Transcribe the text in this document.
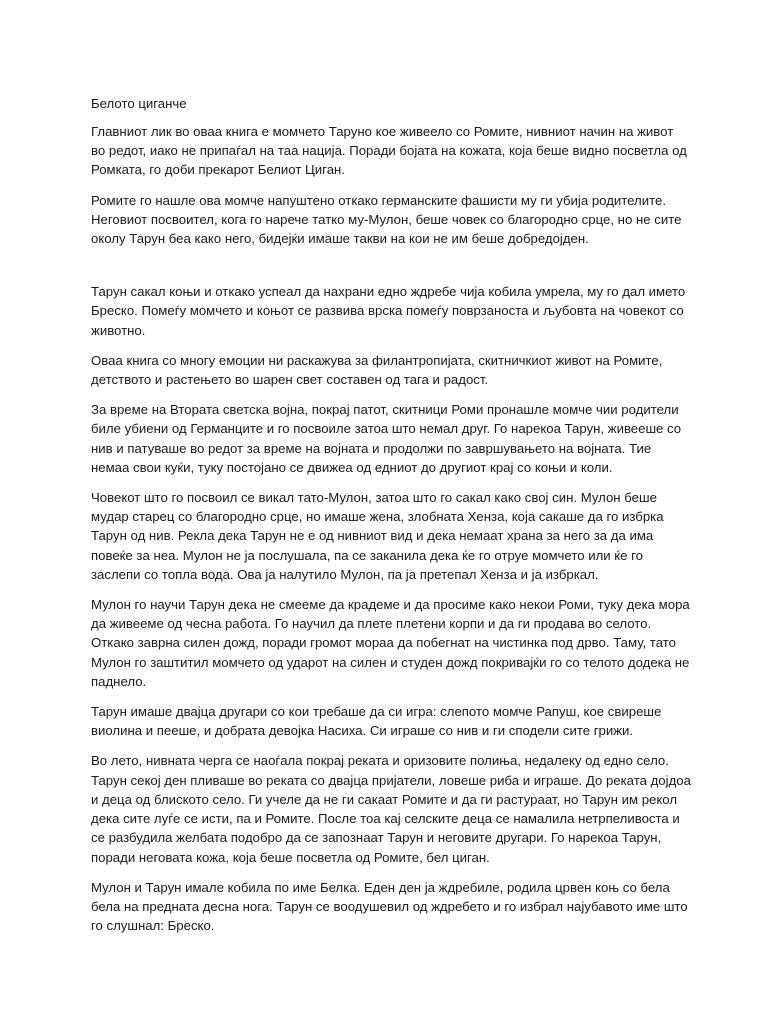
Белото циганче

Главниот лик во оваа книга е момчето Таруно кое живеело со Ромите, нивниот начин на живот во редот, иако не припаѓал на таа нација. Поради бојата на кожата, која беше видно посветла од Ромката, го доби прекарот Белиот Циган.

Ромите го нашле ова момче напуштено откако германските фашисти му ги убија родителите. Неговиот посвоител, кога го нарече татко му-Мулон, беше човек со благородно срце, но не сите околу Тарун беа како него, бидејќи имаше такви на кои не им беше добредојден.

Тарун сакал коњи и откако успеал да нахрани едно ждребе чија кобила умрела, му го дал името Бреско. Помеѓу момчето и коњот се развива врска помеѓу поврзаноста и љубовта на човекот со животно.

Оваа книга со многу емоции ни раскажува за филантропијата, скитничкиот живот на Ромите, детството и растењето во шарен свет составен од тага и радост.

За време на Втората светска војна, покрај патот, скитници Роми пронашле момче чии родители биле убиени од Германците и го посвоиле затоа што немал друг. Го нарекоа Тарун, живееше со нив и патуваше во редот за време на војната и продолжи по завршувањето на војната. Тие немаа свои куќи, туку постојано се движеа од едниот до другиот крај со коњи и коли.

Човекот што го посвоил се викал тато-Мулон, затоа што го сакал како свој син. Мулон беше мудар старец со благородно срце, но имаше жена, злобната Хенза, која сакаше да го избрка Тарун од нив. Рекла дека Тарун не е од нивниот вид и дека немаат храна за него за да има повеќе за неа. Мулон не ја послушала, па се заканила дека ќе го отруе момчето или ќе го заслепи со топла вода. Ова ја налутило Мулон, па ја претепал Хенза и ја избркал.

Мулон го научи Тарун дека не смееме да крадеме и да просиме како некои Роми, туку дека мора да живееме од чесна работа. Го научил да плете плетени корпи и да ги продава во селото. Откако заврна силен дожд, поради громот мораа да побегнат на чистинка под дрво. Таму, тато Мулон го заштитил момчето од ударот на силен и студен дожд покривајќи го со телото додека не паднело.

Тарун имаше двајца другари со кои требаше да си игра: слепото момче Рапуш, кое свиреше виолина и пееше, и добрата девојка Насиха. Си играше со нив и ги сподели сите грижи.

Во лето, нивната черга се наоѓала покрај реката и оризовите полиња, недалеку од едно село. Тарун секој ден пливаше во реката со двајца пријатели, ловеше риба и играше. До реката дојдоа и деца од блиското село. Ги учеле да не ги сакаат Ромите и да ги растураат, но Тарун им рекол дека сите луѓе се исти, па и Ромите. После тоа кај селските деца се намалила нетрпеливоста и се разбудила желбата подобро да се запознаат Тарун и неговите другари. Го нарекоа Тарун, поради неговата кожа, која беше посветла од Ромите, бел циган.

Мулон и Тарун имале кобила по име Белка. Еден ден ја ждребиле, родила црвен коњ со бела бела на предната десна нога. Тарун се воодушевил од ждребето и го избрал најубавото име што го слушнал: Бреско.
